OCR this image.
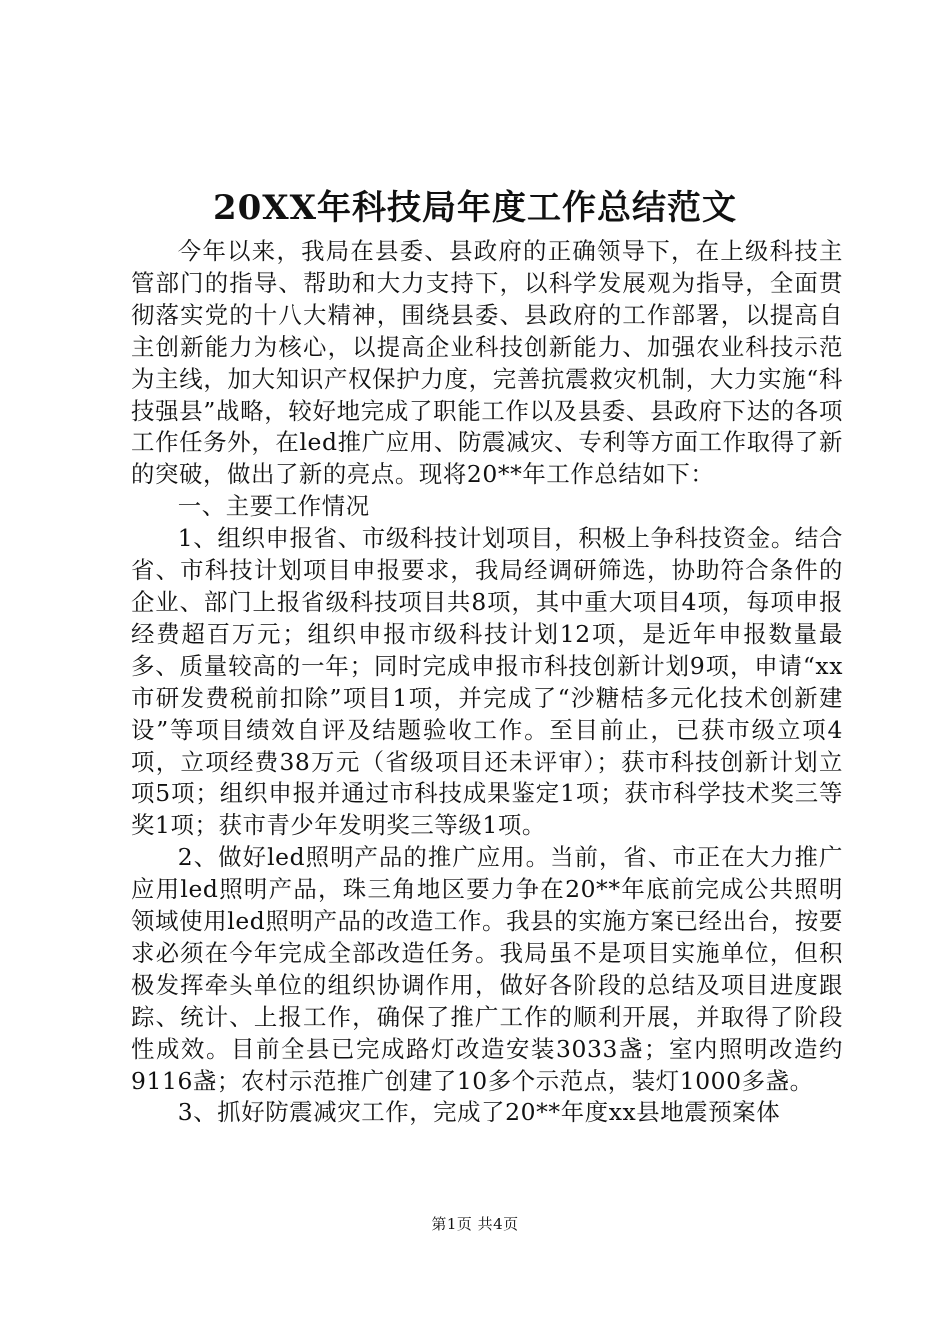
20XX年科技局年度工作总结范文

今年以来，我局在县委、县政府的正确领导下，在上级科技主管部门的指导、帮助和大力支持下，以科学发展观为指导，全面贯彻落实党的十八大精神，围绕县委、县政府的工作部署，以提高自主创新能力为核心，以提高企业科技创新能力、加强农业科技示范为主线，加大知识产权保护力度，完善抗震救灾机制，大力实施“科技强县”战略，较好地完成了职能工作以及县委、县政府下达的各项工作任务外，在led推广应用、防震减灾、专利等方面工作取得了新的突破，做出了新的亮点。现将20**年工作总结如下：

一、主要工作情况

1、组织申报省、市级科技计划项目，积极上争科技资金。结合省、市科技计划项目申报要求，我局经调研筛选，协助符合条件的企业、部门上报省级科技项目共8项，其中重大项目4项，每项申报经费超百万元；组织申报市级科技计划12项，是近年申报数量最多、质量较高的一年；同时完成申报市科技创新计划9项，申请“xx市研发费税前扣除”项目1项，并完成了“沙糖桔多元化技术创新建设”等项目绩效自评及结题验收工作。至目前止，已获市级立项4项，立项经费38万元（省级项目还未评审）；获市科技创新计划立项5项；组织申报并通过市科技成果鉴定1项；获市科学技术奖三等奖1项；获市青少年发明奖三等级1项。

2、做好led照明产品的推广应用。当前，省、市正在大力推广应用led照明产品，珠三角地区要力争在20**年底前完成公共照明领域使用led照明产品的改造工作。我县的实施方案已经出台，按要求必须在今年完成全部改造任务。我局虽不是项目实施单位，但积极发挥牵头单位的组织协调作用，做好各阶段的总结及项目进度跟踪、统计、上报工作，确保了推广工作的顺利开展，并取得了阶段性成效。目前全县已完成路灯改造安装3033盏；室内照明改造约9116盏；农村示范推广创建了10多个示范点，装灯1000多盏。

3、抓好防震减灾工作，完成了20**年度xx县地震预案体

第1页 共4页
